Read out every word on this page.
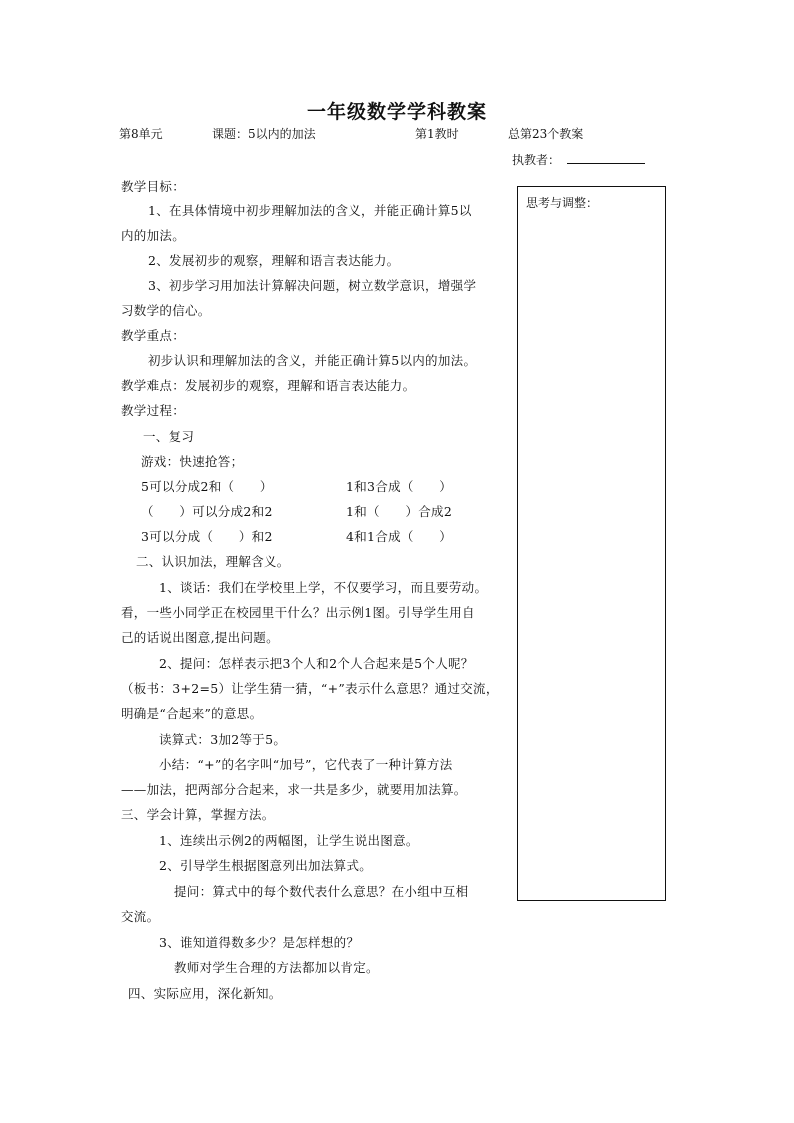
一年级数学学科教案
第8单元	课题：5以内的加法	第1教时	总第23个教案
执教者：
思考与调整：
教学目标：
1、在具体情境中初步理解加法的含义，并能正确计算5以
内的加法。
2、发展初步的观察，理解和语言表达能力。
3、初步学习用加法计算解决问题，树立数学意识，增强学
习数学的信心。
教学重点：
初步认识和理解加法的含义，并能正确计算5以内的加法。
教学难点：发展初步的观察，理解和语言表达能力。
教学过程：
一、复习
游戏：快速抢答；
5可以分成2和（　　）	1和3合成（　　）
（　　）可以分成2和2	1和（　　）合成2
3可以分成（　　）和2	4和1合成（　　）
二、认识加法，理解含义。
1、谈话：我们在学校里上学，不仅要学习，而且要劳动。
看，一些小同学正在校园里干什么？出示例1图。引导学生用自
己的话说出图意,提出问题。
2、提问：怎样表示把3个人和2个人合起来是5个人呢？
（板书：3+2=5）让学生猜一猜，“+”表示什么意思？通过交流，
明确是“合起来”的意思。
读算式：3加2等于5。
小结：“+”的名字叫“加号”，它代表了一种计算方法
——加法，把两部分合起来，求一共是多少，就要用加法算。
三、学会计算，掌握方法。
1、连续出示例2的两幅图，让学生说出图意。
2、引导学生根据图意列出加法算式。
提问：算式中的每个数代表什么意思？在小组中互相
交流。
3、谁知道得数多少？是怎样想的？
教师对学生合理的方法都加以肯定。
四、实际应用，深化新知。
